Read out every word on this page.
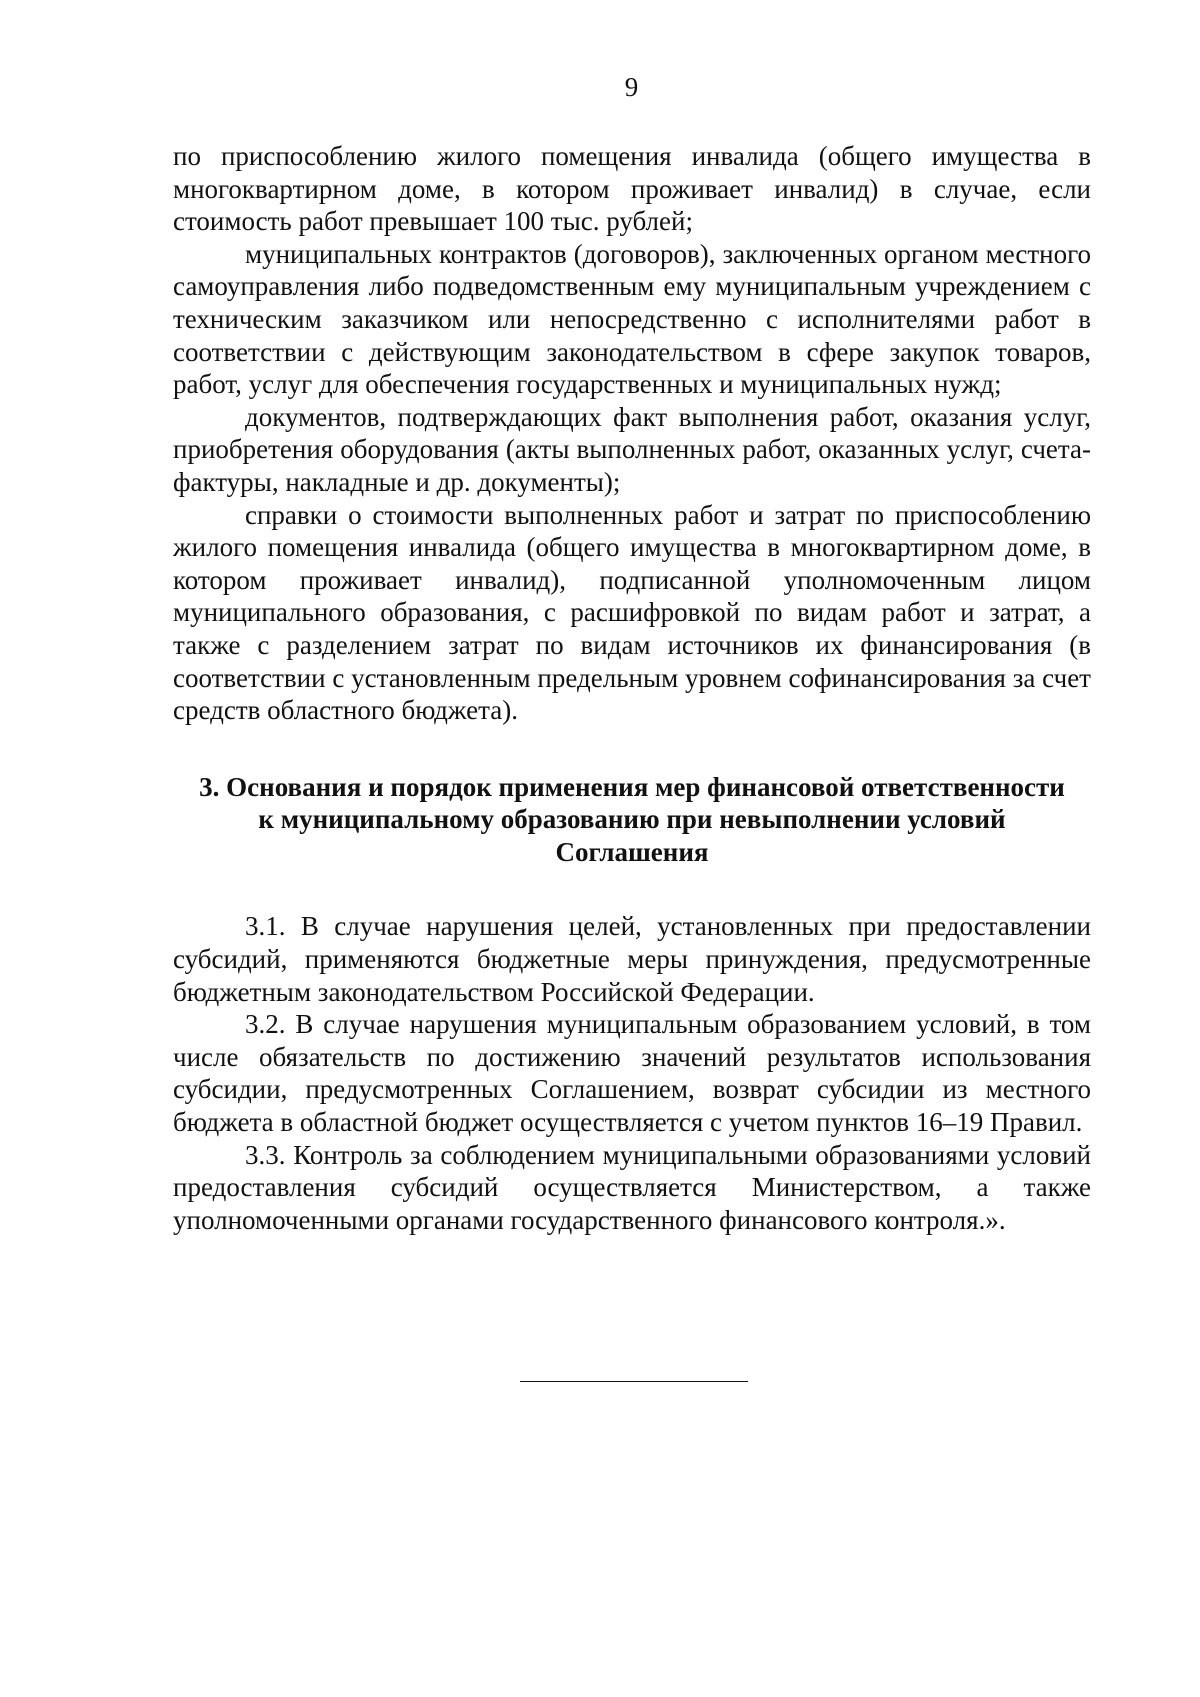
9

по приспособлению жилого помещения инвалида (общего имущества в многоквартирном доме, в котором проживает инвалид) в случае, если стоимость работ превышает 100 тыс. рублей;

муниципальных контрактов (договоров), заключенных органом местного самоуправления либо подведомственным ему муниципальным учреждением с техническим заказчиком или непосредственно с исполнителями работ в соответствии с действующим законодательством в сфере закупок товаров, работ, услуг для обеспечения государственных и муниципальных нужд;

документов, подтверждающих факт выполнения работ, оказания услуг, приобретения оборудования (акты выполненных работ, оказанных услуг, счета-фактуры, накладные и др. документы);

справки о стоимости выполненных работ и затрат по приспособлению жилого помещения инвалида (общего имущества в многоквартирном доме, в котором проживает инвалид), подписанной уполномоченным лицом муниципального образования, с расшифровкой по видам работ и затрат, а также с разделением затрат по видам источников их финансирования (в соответствии с установленным предельным уровнем софинансирования за счет средств областного бюджета).

3. Основания и порядок применения мер финансовой ответственности
к муниципальному образованию при невыполнении условий
Соглашения

3.1. В случае нарушения целей, установленных при предоставлении субсидий, применяются бюджетные меры принуждения, предусмотренные бюджетным законодательством Российской Федерации.

3.2. В случае нарушения муниципальным образованием условий, в том числе обязательств по достижению значений результатов использования субсидии, предусмотренных Соглашением, возврат субсидии из местного бюджета в областной бюджет осуществляется с учетом пунктов 16–19 Правил.

3.3. Контроль за соблюдением муниципальными образованиями условий предоставления субсидий осуществляется Министерством, а также уполномоченными органами государственного финансового контроля.».
